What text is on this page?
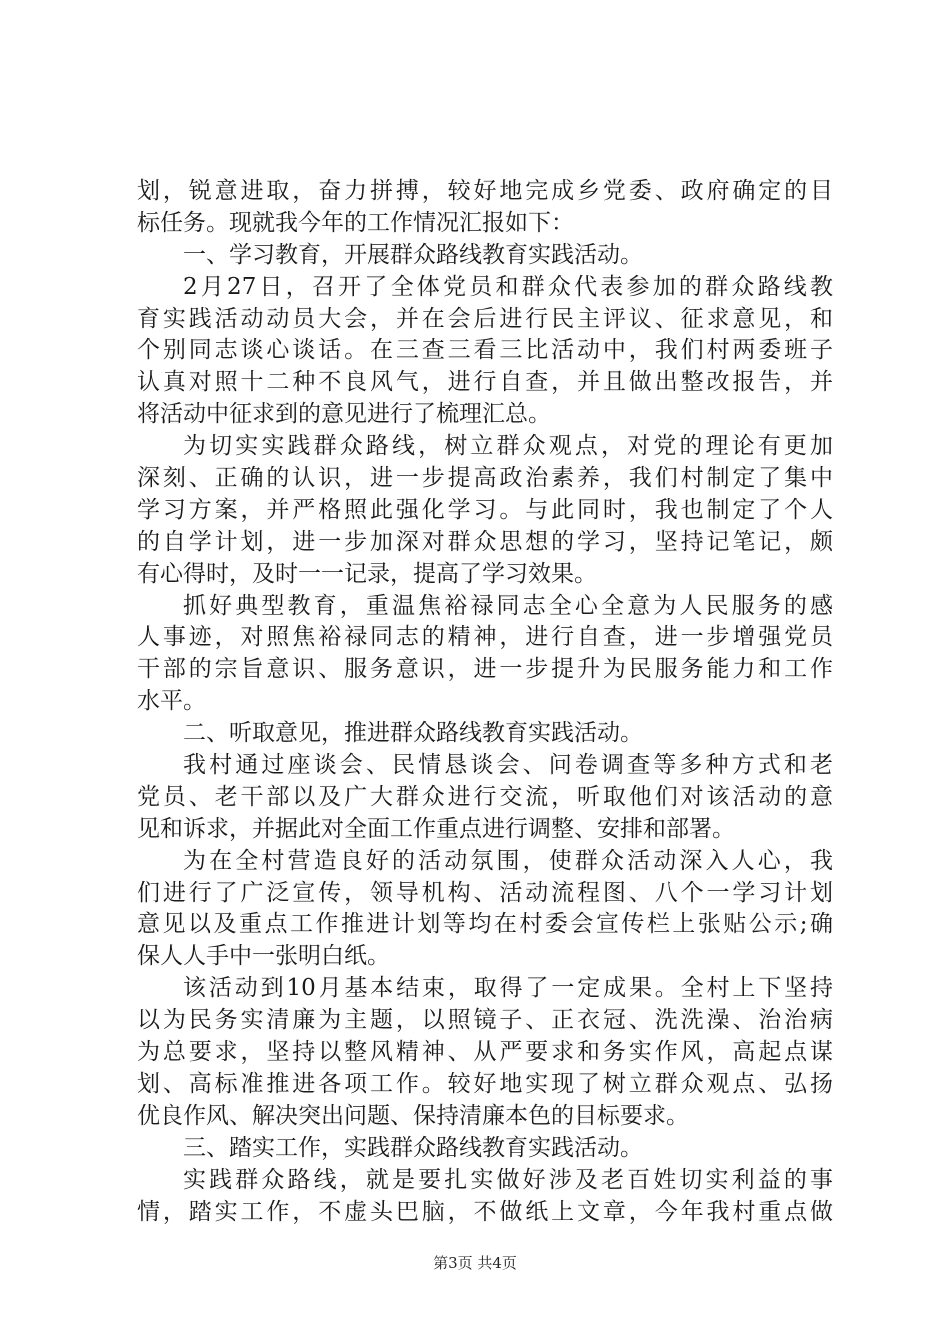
划，锐意进取，奋力拼搏，较好地完成乡党委、政府确定的目
标任务。现就我今年的工作情况汇报如下：
一、学习教育，开展群众路线教育实践活动。
2月27日，召开了全体党员和群众代表参加的群众路线教
育实践活动动员大会，并在会后进行民主评议、征求意见，和
个别同志谈心谈话。在三查三看三比活动中，我们村两委班子
认真对照十二种不良风气，进行自查，并且做出整改报告，并
将活动中征求到的意见进行了梳理汇总。
为切实实践群众路线，树立群众观点，对党的理论有更加
深刻、正确的认识，进一步提高政治素养，我们村制定了集中
学习方案，并严格照此强化学习。与此同时，我也制定了个人
的自学计划，进一步加深对群众思想的学习，坚持记笔记，颇
有心得时，及时一一记录，提高了学习效果。
抓好典型教育，重温焦裕禄同志全心全意为人民服务的感
人事迹，对照焦裕禄同志的精神，进行自查，进一步增强党员
干部的宗旨意识、服务意识，进一步提升为民服务能力和工作
水平。
二、听取意见，推进群众路线教育实践活动。
我村通过座谈会、民情恳谈会、问卷调查等多种方式和老
党员、老干部以及广大群众进行交流，听取他们对该活动的意
见和诉求，并据此对全面工作重点进行调整、安排和部署。
为在全村营造良好的活动氛围，使群众活动深入人心，我
们进行了广泛宣传，领导机构、活动流程图、八个一学习计划
意见以及重点工作推进计划等均在村委会宣传栏上张贴公示;确
保人人手中一张明白纸。
该活动到10月基本结束，取得了一定成果。全村上下坚持
以为民务实清廉为主题，以照镜子、正衣冠、洗洗澡、治治病
为总要求，坚持以整风精神、从严要求和务实作风，高起点谋
划、高标准推进各项工作。较好地实现了树立群众观点、弘扬
优良作风、解决突出问题、保持清廉本色的目标要求。
三、踏实工作，实践群众路线教育实践活动。
实践群众路线，就是要扎实做好涉及老百姓切实利益的事
情，踏实工作，不虚头巴脑，不做纸上文章，今年我村重点做
第3页 共4页
